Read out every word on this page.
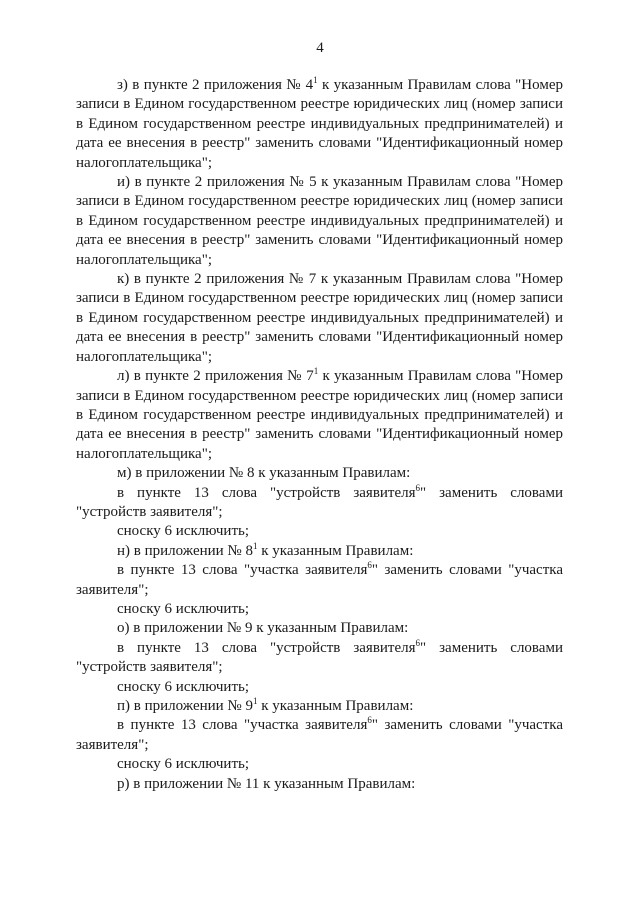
4

з) в пункте 2 приложения № $4^1$ к указанным Правилам слова "Номер записи в Едином государственном реестре юридических лиц (номер записи в Едином государственном реестре индивидуальных предпринимателей) и дата ее внесения в реестр" заменить словами "Идентификационный номер налогоплательщика";

и) в пункте 2 приложения № 5 к указанным Правилам слова "Номер записи в Едином государственном реестре юридических лиц (номер записи в Едином государственном реестре индивидуальных предпринимателей) и дата ее внесения в реестр" заменить словами "Идентификационный номер налогоплательщика";

к) в пункте 2 приложения № 7 к указанным Правилам слова "Номер записи в Едином государственном реестре юридических лиц (номер записи в Едином государственном реестре индивидуальных предпринимателей) и дата ее внесения в реестр" заменить словами "Идентификационный номер налогоплательщика";

л) в пункте 2 приложения № $7^1$ к указанным Правилам слова "Номер записи в Едином государственном реестре юридических лиц (номер записи в Едином государственном реестре индивидуальных предпринимателей) и дата ее внесения в реестр" заменить словами "Идентификационный номер налогоплательщика";

м) в приложении № 8 к указанным Правилам:

в пункте 13 слова "устройств заявителя$^6$" заменить словами "устройств заявителя";

сноску 6 исключить;

н) в приложении № $8^1$ к указанным Правилам:

в пункте 13 слова "участка заявителя$^6$" заменить словами "участка заявителя";

сноску 6 исключить;

о) в приложении № 9 к указанным Правилам:

в пункте 13 слова "устройств заявителя$^6$" заменить словами "устройств заявителя";

сноску 6 исключить;

п) в приложении № $9^1$ к указанным Правилам:

в пункте 13 слова "участка заявителя$^6$" заменить словами "участка заявителя";

сноску 6 исключить;

р) в приложении № 11 к указанным Правилам:
